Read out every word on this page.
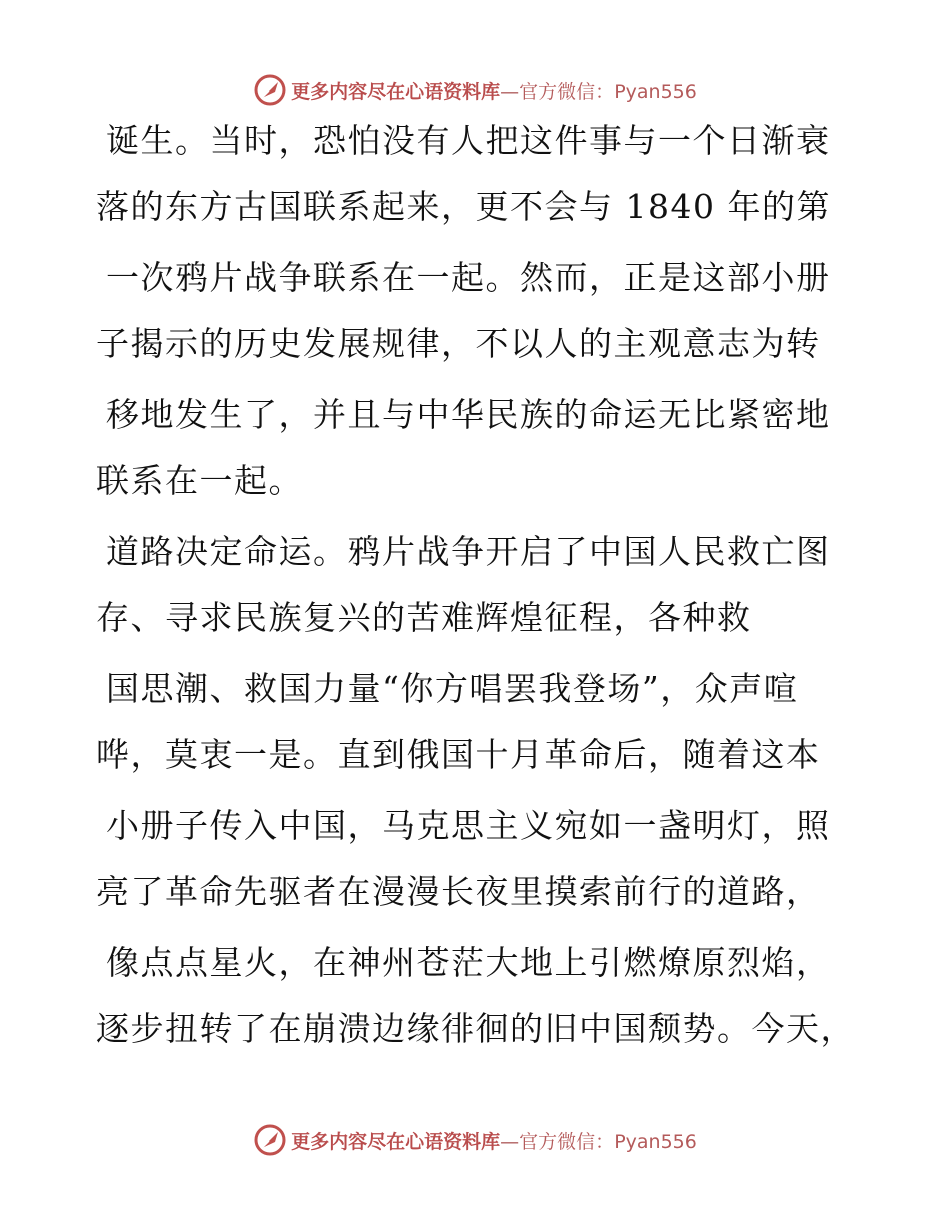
更多内容尽在心语资料库—官方微信：Pyan556
诞生。当时，恐怕没有人把这件事与一个日渐衰
落的东方古国联系起来，更不会与 1840 年的第
一次鸦片战争联系在一起。然而，正是这部小册
子揭示的历史发展规律，不以人的主观意志为转
移地发生了，并且与中华民族的命运无比紧密地
联系在一起。
道路决定命运。鸦片战争开启了中国人民救亡图
存、寻求民族复兴的苦难辉煌征程，各种救
国思潮、救国力量“你方唱罢我登场”，众声喧
哗，莫衷一是。直到俄国十月革命后，随着这本
小册子传入中国，马克思主义宛如一盏明灯，照
亮了革命先驱者在漫漫长夜里摸索前行的道路，
像点点星火，在神州苍茫大地上引燃燎原烈焰，
逐步扭转了在崩溃边缘徘徊的旧中国颓势。今天，
更多内容尽在心语资料库—官方微信：Pyan556
